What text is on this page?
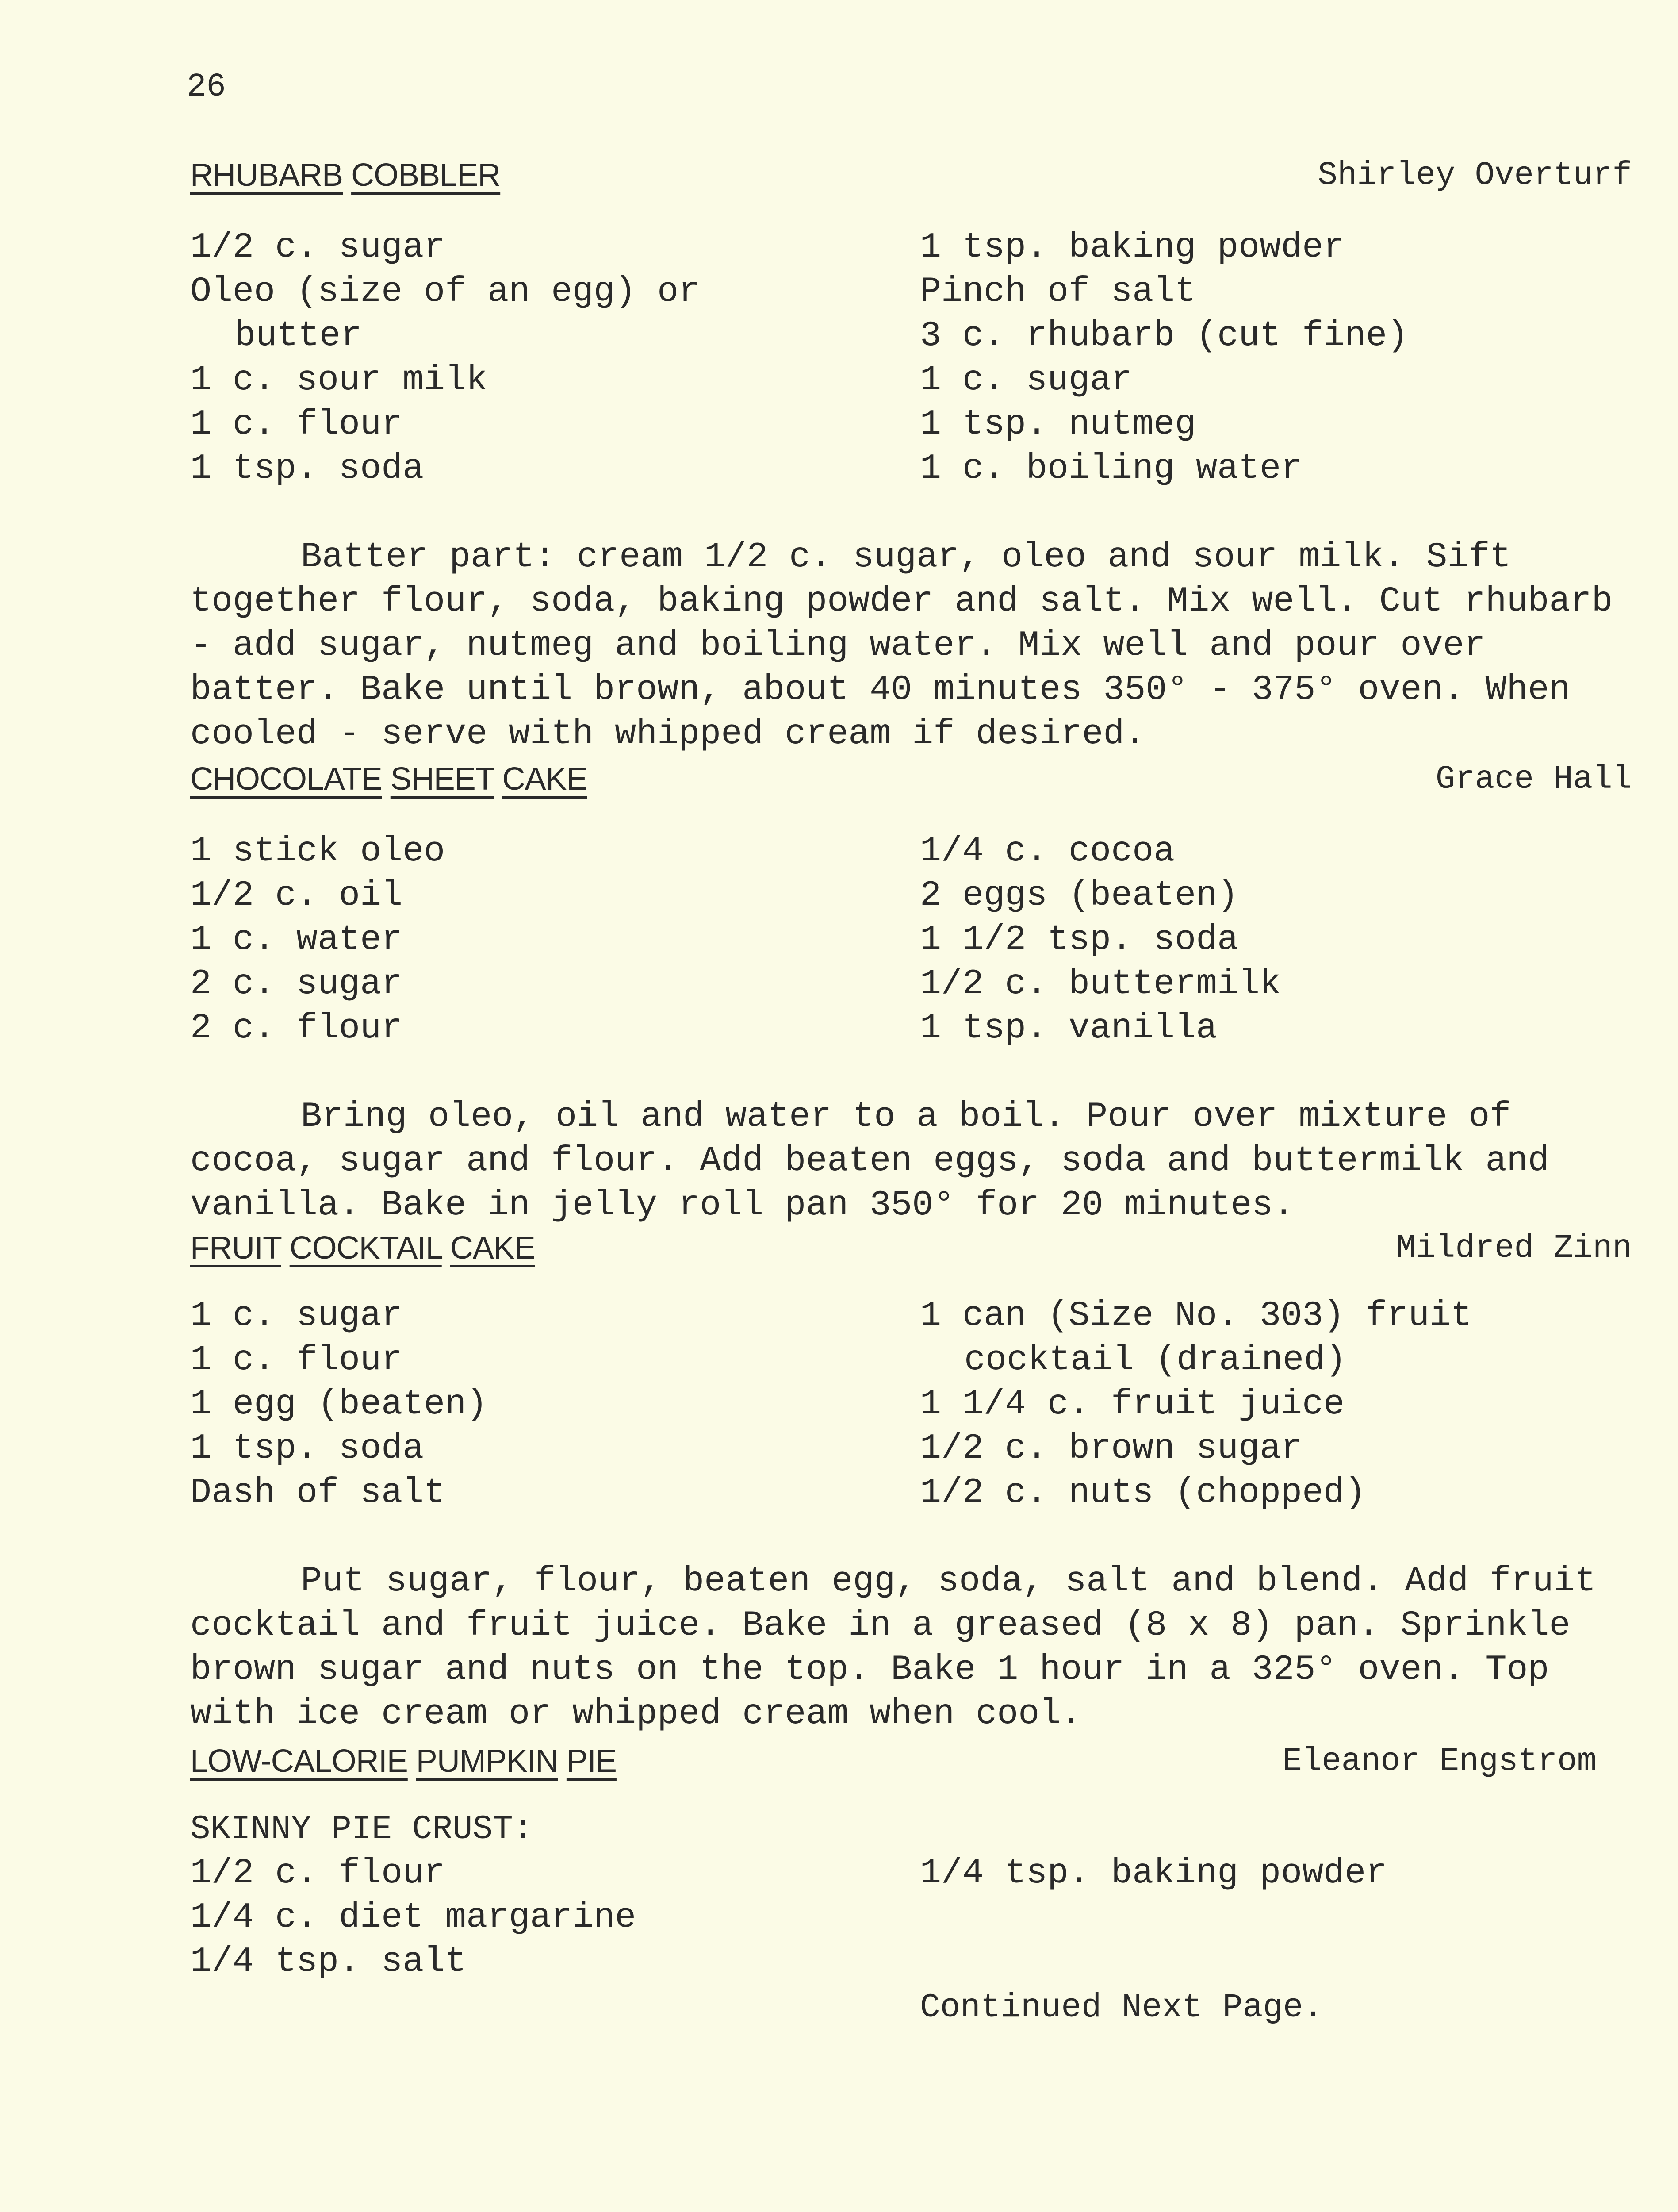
26
RHUBARB COBBLER	Shirley Overturf
1/2 c. sugar
Oleo (size of an egg) or
butter
1 c. sour milk
1 c. flour
1 tsp. soda
1 tsp. baking powder
Pinch of salt
3 c. rhubarb (cut fine)
1 c. sugar
1 tsp. nutmeg
1 c. boiling water

Batter part: cream 1/2 c. sugar, oleo and sour milk. Sift together flour, soda, baking powder and salt. Mix well. Cut rhubarb - add sugar, nutmeg and boiling water. Mix well and pour over batter. Bake until brown, about 40 minutes 350° - 375° oven. When cooled - serve with whipped cream if desired.

CHOCOLATE SHEET CAKE	Grace Hall
1 stick oleo
1/2 c. oil
1 c. water
2 c. sugar
2 c. flour
1/4 c. cocoa
2 eggs (beaten)
1 1/2 tsp. soda
1/2 c. buttermilk
1 tsp. vanilla

Bring oleo, oil and water to a boil. Pour over mixture of cocoa, sugar and flour. Add beaten eggs, soda and buttermilk and vanilla. Bake in jelly roll pan 350° for 20 minutes.

FRUIT COCKTAIL CAKE	Mildred Zinn
1 c. sugar
1 c. flour
1 egg (beaten)
1 tsp. soda
Dash of salt
1 can (Size No. 303) fruit
cocktail (drained)
1 1/4 c. fruit juice
1/2 c. brown sugar
1/2 c. nuts (chopped)

Put sugar, flour, beaten egg, soda, salt and blend. Add fruit cocktail and fruit juice. Bake in a greased (8 x 8) pan. Sprinkle brown sugar and nuts on the top. Bake 1 hour in a 325° oven. Top with ice cream or whipped cream when cool.

LOW-CALORIE PUMPKIN PIE	Eleanor Engstrom
SKINNY PIE CRUST:
1/2 c. flour
1/4 c. diet margarine
1/4 tsp. salt
1/4 tsp. baking powder
Continued Next Page.
